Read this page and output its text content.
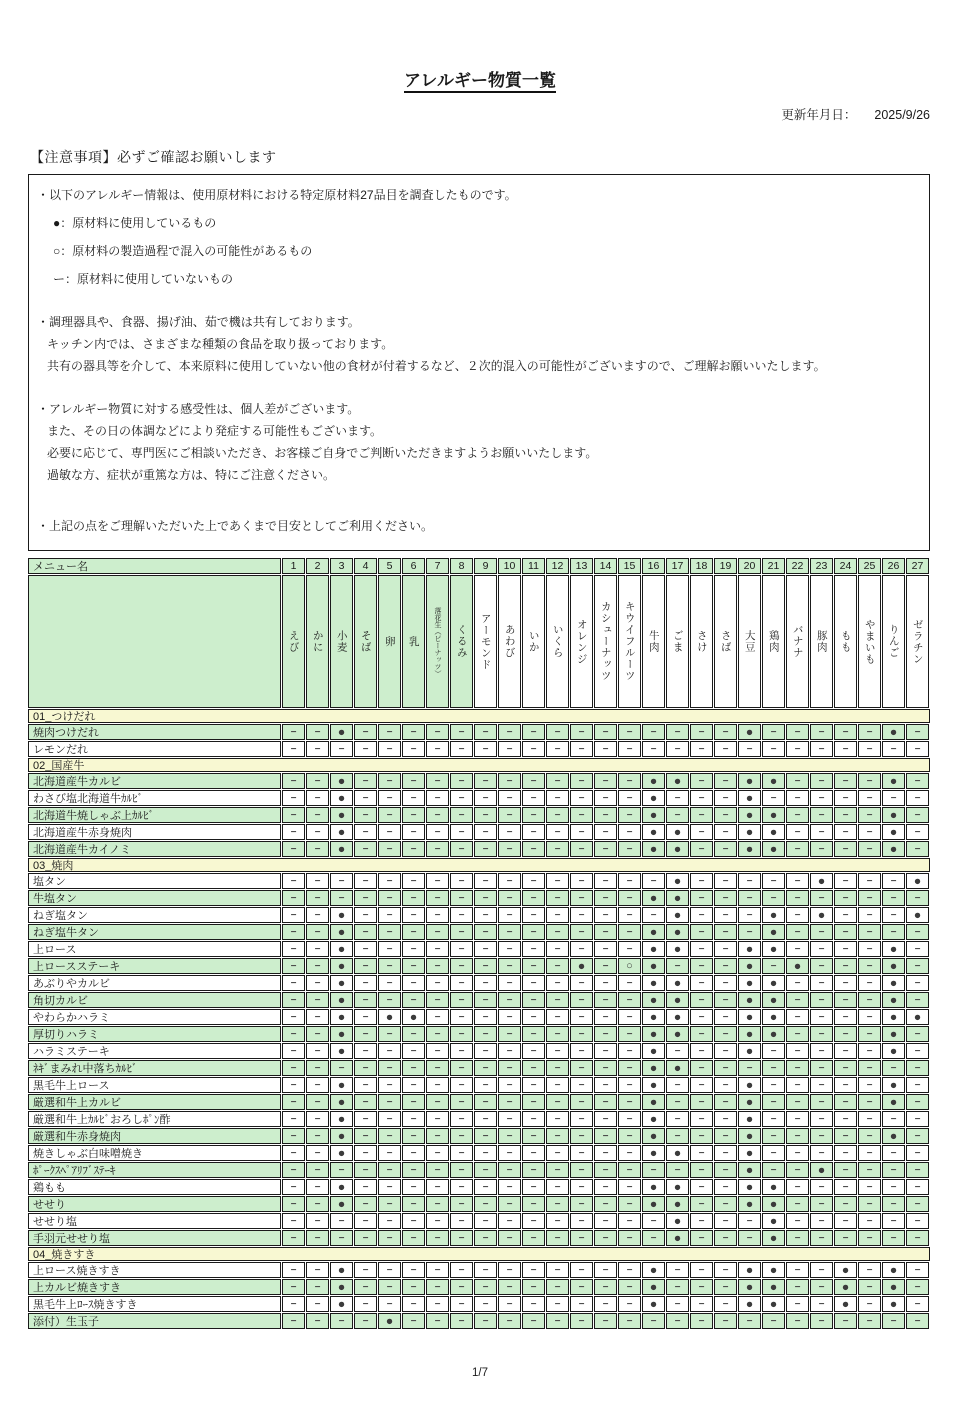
アレルギー物質一覧
更新年月日： 2025/9/26
【注意事項】必ずご確認お願いします
・以下のアレルギー情報は、使用原材料における特定原材料27品目を調査したものです。
●：原材料に使用しているもの
○：原材料の製造過程で混入の可能性があるもの
ー：原材料に使用していないもの
・調理器具や、食器、揚げ油、茹で機は共有しております。
キッチン内では、さまざまな種類の食品を取り扱っております。
共有の器具等を介して、本来原料に使用していない他の食材が付着するなど、２次的混入の可能性がございますので、ご理解お願いいたします。
・アレルギー物質に対する感受性は、個人差がございます。
また、その日の体調などにより発症する可能性もございます。
必要に応じて、専門医にご相談いただき、お客様ご自身でご判断いただきますようお願いいたします。
過敏な方、症状が重篤な方は、特にご注意ください。
・上記の点をご理解いただいた上であくまで目安としてご利用ください。
メニュー名	1	2	3	4	5	6	7	8	9	10	11	12	13	14	15	16	17	18	19	20	21	22	23	24	25	26	27
えび	かに	小麦	そば	卵	乳	落花生（ピーナッツ）	くるみ	アーモンド	あわび	いか	いくら	オレンジ	カシューナッツ	キウイフルーツ	牛肉	ごま	さけ	さば	大豆	鶏肉	バナナ	豚肉	もも	やまいも	りんご	ゼラチン
01_つけだれ
焼肉つけだれ	−	−	●	−	−	−	−	−	−	−	−	−	−	−	−	−	−	−	−	●	−	−	−	−	−	●	−
レモンだれ	−	−	−	−	−	−	−	−	−	−	−	−	−	−	−	−	−	−	−	−	−	−	−	−	−	−	−
02_国産牛
北海道産牛カルビ	−	−	●	−	−	−	−	−	−	−	−	−	−	−	−	●	●	−	−	●	●	−	−	−	−	●	−
わさび塩北海道牛ｶﾙﾋﾞ	−	−	●	−	−	−	−	−	−	−	−	−	−	−	−	●	−	−	−	●	−	−	−	−	−	−	−
北海道牛焼しゃぶ上ｶﾙﾋﾞ	−	−	●	−	−	−	−	−	−	−	−	−	−	−	−	●	−	−	−	●	●	−	−	−	−	●	−
北海道産牛赤身焼肉	−	−	●	−	−	−	−	−	−	−	−	−	−	−	−	●	●	−	−	●	●	−	−	−	−	●	−
北海道産牛カイノミ	−	−	●	−	−	−	−	−	−	−	−	−	−	−	−	●	●	−	−	●	●	−	−	−	−	●	−
03_焼肉
塩タン	−	−	−	−	−	−	−	−	−	−	−	−	−	−	−	−	●	−	−	−	−	−	●	−	−	−	●
牛塩タン	−	−	−	−	−	−	−	−	−	−	−	−	−	−	−	●	●	−	−	−	−	−	−	−	−	−	−
ねぎ塩タン	−	−	●	−	−	−	−	−	−	−	−	−	−	−	−	−	●	−	−	−	●	−	●	−	−	−	●
ねぎ塩牛タン	−	−	●	−	−	−	−	−	−	−	−	−	−	−	−	●	●	−	−	−	●	−	−	−	−	−	−
上ロース	−	−	●	−	−	−	−	−	−	−	−	−	−	−	−	●	●	−	−	●	●	−	−	−	−	●	−
上ロースステーキ	−	−	●	−	−	−	−	−	−	−	−	−	●	−	○	●	−	−	−	●	−	●	−	−	−	●	−
あぶりやカルビ	−	−	●	−	−	−	−	−	−	−	−	−	−	−	−	●	●	−	−	●	●	−	−	−	−	●	−
角切カルビ	−	−	●	−	−	−	−	−	−	−	−	−	−	−	−	●	●	−	−	●	●	−	−	−	−	●	−
やわらかハラミ	−	−	●	−	●	●	−	−	−	−	−	−	−	−	−	●	●	−	−	●	●	−	−	−	−	●	●
厚切りハラミ	−	−	●	−	−	−	−	−	−	−	−	−	−	−	−	●	●	−	−	●	●	−	−	−	−	●	−
ハラミステーキ	−	−	●	−	−	−	−	−	−	−	−	−	−	−	−	●	−	−	−	●	−	−	−	−	−	●	−
ﾈｷﾞまみれ中落ちｶﾙﾋﾞ	−	−	−	−	−	−	−	−	−	−	−	−	−	−	−	●	●	−	−	−	−	−	−	−	−	−	−
黒毛牛上ロース	−	−	●	−	−	−	−	−	−	−	−	−	−	−	−	●	−	−	−	●	−	−	−	−	−	●	−
厳選和牛上カルビ	−	−	●	−	−	−	−	−	−	−	−	−	−	−	−	●	−	−	−	●	−	−	−	−	−	●	−
厳選和牛上ｶﾙﾋﾞおろしﾎﾟﾝ酢	−	−	●	−	−	−	−	−	−	−	−	−	−	−	−	●	−	−	−	●	−	−	−	−	−	−	−
厳選和牛赤身焼肉	−	−	●	−	−	−	−	−	−	−	−	−	−	−	−	●	−	−	−	●	−	−	−	−	−	●	−
焼きしゃぶ白味噌焼き	−	−	●	−	−	−	−	−	−	−	−	−	−	−	−	●	●	−	−	●	−	−	−	−	−	−	−
ﾎﾟｰｸｽﾍﾟｱﾘﾌﾞｽﾃｰｷ	−	−	−	−	−	−	−	−	−	−	−	−	−	−	−	−	−	−	−	●	−	−	●	−	−	−	−
鶏もも	−	−	●	−	−	−	−	−	−	−	−	−	−	−	−	●	●	−	−	●	●	−	−	−	−	−	−
せせり	−	−	●	−	−	−	−	−	−	−	−	−	−	−	−	●	●	−	−	●	●	−	−	−	−	−	−
せせり塩	−	−	−	−	−	−	−	−	−	−	−	−	−	−	−	−	●	−	−	−	●	−	−	−	−	−	−
手羽元せせり塩	−	−	−	−	−	−	−	−	−	−	−	−	−	−	−	−	●	−	−	−	●	−	−	−	−	−	−
04_焼きすき
上ロース焼きすき	−	−	●	−	−	−	−	−	−	−	−	−	−	−	−	●	−	−	−	●	●	−	−	●	−	●	−
上カルビ焼きすき	−	−	●	−	−	−	−	−	−	−	−	−	−	−	−	●	−	−	−	●	●	−	−	●	−	●	−
黒毛牛上ﾛｰｽ焼きすき	−	−	●	−	−	−	−	−	−	−	−	−	−	−	−	●	−	−	−	●	●	−	−	●	−	●	−
添付）生玉子	−	−	−	−	●	−	−	−	−	−	−	−	−	−	−	−	−	−	−	−	−	−	−	−	−	−	−
1/7
